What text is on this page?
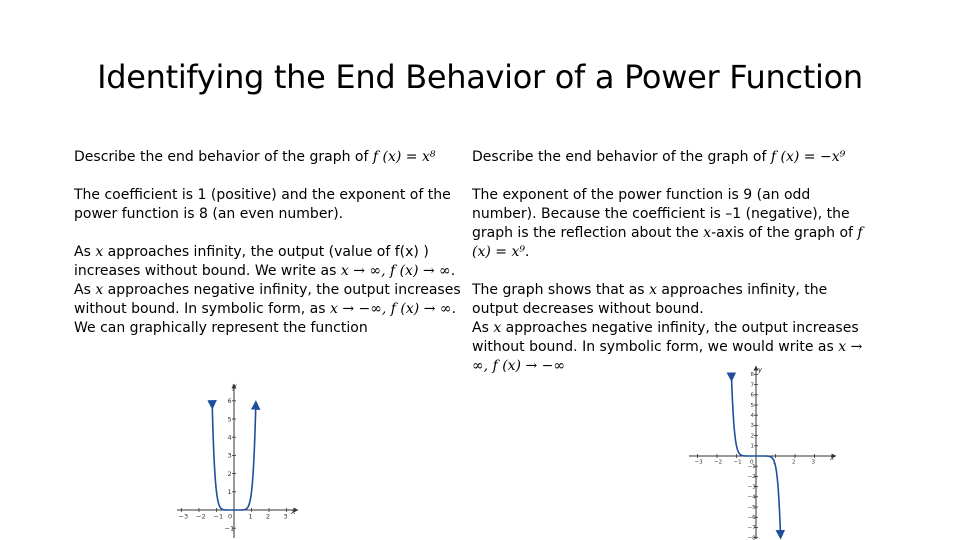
Identifying the End Behavior of a Power Function

Describe the end behavior of the graph of f (x) = x⁸

The coefficient is 1 (positive) and the exponent of the power function is 8 (an even number).

As x approaches infinity, the output (value of f(x) ) increases without bound. We write as x → ∞, f (x) → ∞.

As x approaches negative infinity, the output increases without bound. In symbolic form, as x → −∞, f (x) → ∞.

We can graphically represent the function

Describe the end behavior of the graph of f (x) = −x⁹

The exponent of the power function is 9 (an odd number). Because the coefficient is –1 (negative), the graph is the reflection about the x-axis of the graph of f (x) = x⁹.

The graph shows that as x approaches infinity, the output decreases without bound.

As x approaches negative infinity, the output increases without bound. In symbolic form, we would write as x → ∞, f (x) → −∞

x
y
−3 −2 −1 0	1 2 3
6
5
4
3
2
1
−1
x
y
−3 −2 −1 0	1	2	3
8
7
6
5
4
3
2
1
−1
−2
−3
−4
−5
−6
−7
−8
